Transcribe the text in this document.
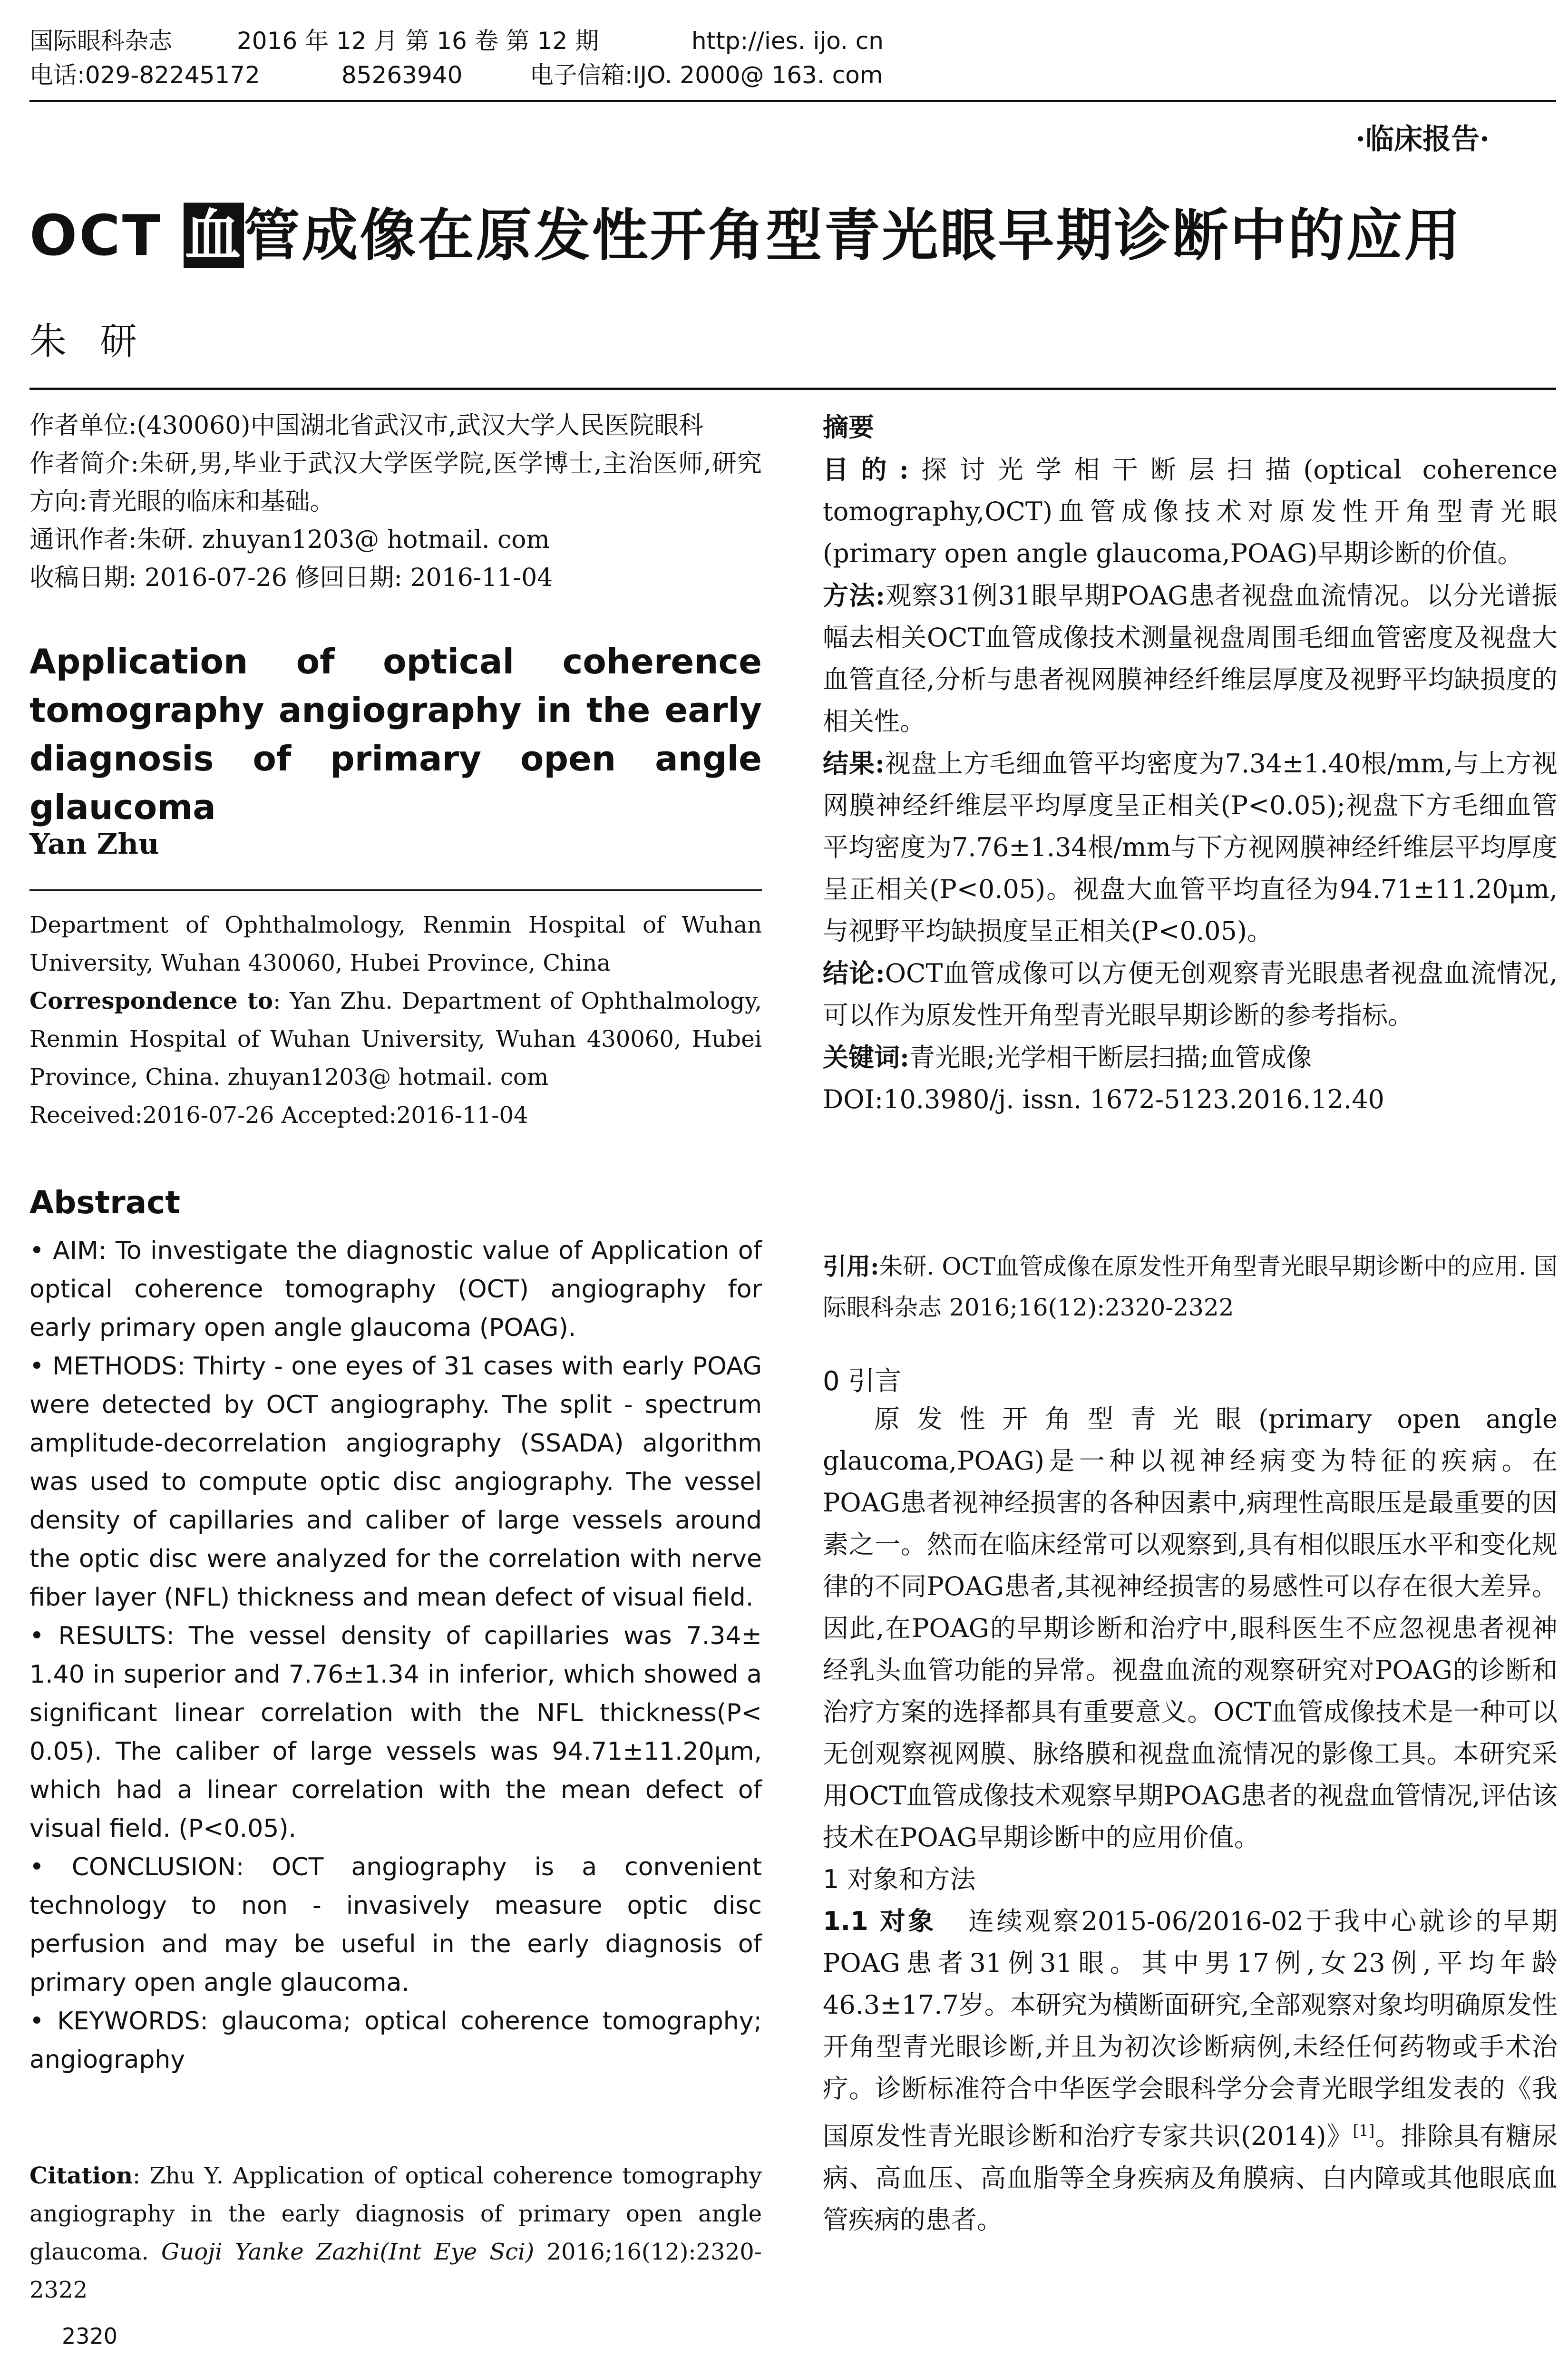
国际眼科杂志	2016 年 12 月 第 16 卷 第 12 期	http://ies. ijo. cn
电话:029-82245172	85263940	电子信箱:IJO. 2000@ 163. com
·临床报告·
OCT 血管成像在原发性开角型青光眼早期诊断中的应用
朱研

作者单位:(430060)中国湖北省武汉市,武汉大学人民医院眼科

作者简介:朱研,男,毕业于武汉大学医学院,医学博士,主治医师,研究方向:青光眼的临床和基础。

通讯作者:朱研. zhuyan1203@ hotmail. com

收稿日期: 2016-07-26 修回日期: 2016-11-04

Application of optical coherence tomography angiography in the early diagnosis of primary open angle glaucoma
Yan Zhu

Department of Ophthalmology, Renmin Hospital of Wuhan University, Wuhan 430060, Hubei Province, China

Correspondence to: Yan Zhu. Department of Ophthalmology, Renmin Hospital of Wuhan University, Wuhan 430060, Hubei Province, China. zhuyan1203@ hotmail. com

Received:2016-07-26 Accepted:2016-11-04

Abstract

• AIM: To investigate the diagnostic value of Application of optical coherence tomography (OCT) angiography for early primary open angle glaucoma (POAG).

• METHODS: Thirty - one eyes of 31 cases with early POAG were detected by OCT angiography. The split - spectrum amplitude-decorrelation angiography (SSADA) algorithm was used to compute optic disc angiography. The vessel density of capillaries and caliber of large vessels around the optic disc were analyzed for the correlation with nerve fiber layer (NFL) thickness and mean defect of visual field.

• RESULTS: The vessel density of capillaries was 7.34± 1.40 in superior and 7.76±1.34 in inferior, which showed a significant linear correlation with the NFL thickness(P< 0.05). The caliber of large vessels was 94.71±11.20μm, which had a linear correlation with the mean defect of visual field. (P<0.05).

• CONCLUSION: OCT angiography is a convenient technology to non - invasively measure optic disc perfusion and may be useful in the early diagnosis of primary open angle glaucoma.

• KEYWORDS: glaucoma; optical coherence tomography; angiography

Citation: Zhu Y. Application of optical coherence tomography angiography in the early diagnosis of primary open angle glaucoma. Guoji Yanke Zazhi(Int Eye Sci) 2016;16(12):2320-2322
2320

摘要

目的:探讨光学相干断层扫描(optical coherence tomography,OCT)血管成像技术对原发性开角型青光眼(primary open angle glaucoma,POAG)早期诊断的价值。

方法:观察31例31眼早期POAG患者视盘血流情况。以分光谱振幅去相关OCT血管成像技术测量视盘周围毛细血管密度及视盘大血管直径,分析与患者视网膜神经纤维层厚度及视野平均缺损度的相关性。

结果:视盘上方毛细血管平均密度为7.34±1.40根/mm,与上方视网膜神经纤维层平均厚度呈正相关(P<0.05);视盘下方毛细血管平均密度为7.76±1.34根/mm与下方视网膜神经纤维层平均厚度呈正相关(P<0.05)。视盘大血管平均直径为94.71±11.20μm,与视野平均缺损度呈正相关(P<0.05)。

结论:OCT血管成像可以方便无创观察青光眼患者视盘血流情况,可以作为原发性开角型青光眼早期诊断的参考指标。

关键词:青光眼;光学相干断层扫描;血管成像

DOI:10.3980/j. issn. 1672-5123.2016.12.40

引用:朱研. OCT血管成像在原发性开角型青光眼早期诊断中的应用. 国际眼科杂志 2016;16(12):2320-2322
0 引言

原发性开角型青光眼(primary open angle glaucoma,POAG)是一种以视神经病变为特征的疾病。在POAG患者视神经损害的各种因素中,病理性高眼压是最重要的因素之一。然而在临床经常可以观察到,具有相似眼压水平和变化规律的不同POAG患者,其视神经损害的易感性可以存在很大差异。因此,在POAG的早期诊断和治疗中,眼科医生不应忽视患者视神经乳头血管功能的异常。视盘血流的观察研究对POAG的诊断和治疗方案的选择都具有重要意义。OCT血管成像技术是一种可以无创观察视网膜、脉络膜和视盘血流情况的影像工具。本研究采用OCT血管成像技术观察早期POAG患者的视盘血管情况,评估该技术在POAG早期诊断中的应用价值。

1 对象和方法

1.1 对象 连续观察2015-06/2016-02于我中心就诊的早期POAG患者31例31眼。其中男17例,女23例,平均年龄46.3±17.7岁。本研究为横断面研究,全部观察对象均明确原发性开角型青光眼诊断,并且为初次诊断病例,未经任何药物或手术治疗。诊断标准符合中华医学会眼科学分会青光眼学组发表的《我国原发性青光眼诊断和治疗专家共识(2014)》[1]。排除具有糖尿病、高血压、高血脂等全身疾病及角膜病、白内障或其他眼底血管疾病的患者。
